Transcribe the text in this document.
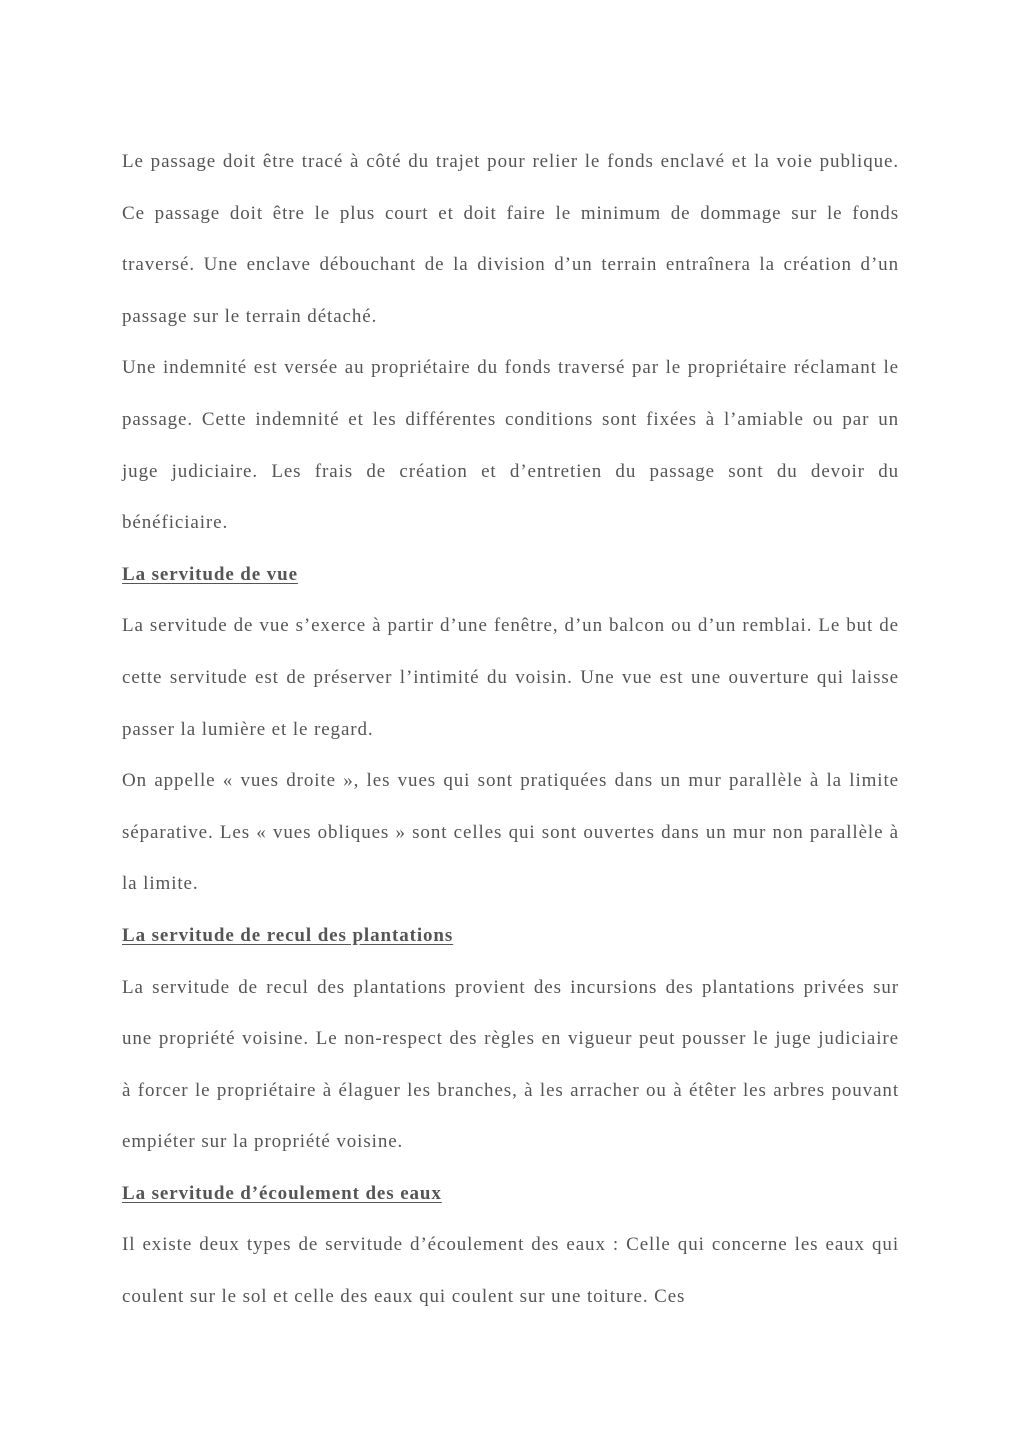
Le passage doit être tracé à côté du trajet pour relier le fonds enclavé et la voie publique. Ce passage doit être le plus court et doit faire le minimum de dommage sur le fonds traversé. Une enclave débouchant de la division d’un terrain entraînera la création d’un passage sur le terrain détaché.

Une indemnité est versée au propriétaire du fonds traversé par le propriétaire réclamant le passage. Cette indemnité et les différentes conditions sont fixées à l’amiable ou par un juge judiciaire. Les frais de création et d’entretien du passage sont du devoir du bénéficiaire.

La servitude de vue

La servitude de vue s’exerce à partir d’une fenêtre, d’un balcon ou d’un remblai. Le but de cette servitude est de préserver l’intimité du voisin. Une vue est une ouverture qui laisse passer la lumière et le regard.

On appelle « vues droite », les vues qui sont pratiquées dans un mur parallèle à la limite séparative. Les « vues obliques » sont celles qui sont ouvertes dans un mur non parallèle à la limite.

La servitude de recul des plantations

La servitude de recul des plantations provient des incursions des plantations privées sur une propriété voisine. Le non-respect des règles en vigueur peut pousser le juge judiciaire à forcer le propriétaire à élaguer les branches, à les arracher ou à étêter les arbres pouvant empiéter sur la propriété voisine.

La servitude d’écoulement des eaux

Il existe deux types de servitude d’écoulement des eaux : Celle qui concerne les eaux qui coulent sur le sol et celle des eaux qui coulent sur une toiture. Ces
